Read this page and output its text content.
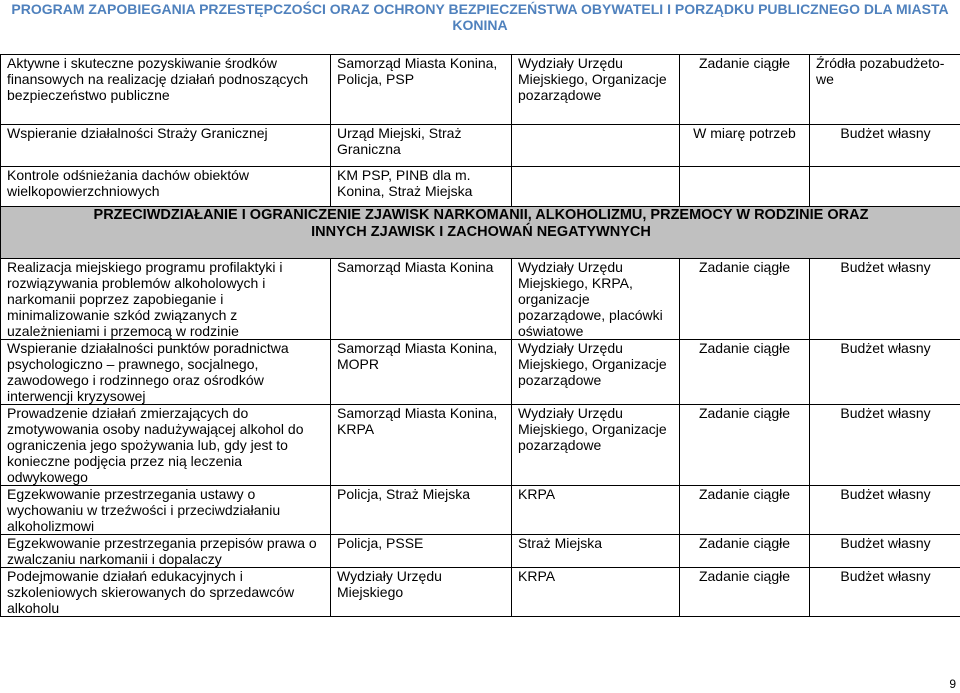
PROGRAM ZAPOBIEGANIA PRZESTĘPCZOŚCI ORAZ OCHRONY BEZPIECZEŃSTWA OBYWATELI I PORZĄDKU PUBLICZNEGO DLA MIASTA
KONINA
Aktywne i skuteczne pozyskiwanie środków finansowych na realizację działań podnoszących bezpieczeństwo publiczne	Samorząd Miasta Konina, Policja, PSP	Wydziały Urzędu Miejskiego, Organizacje pozarządowe	Zadanie ciągłe	Źródła pozabudżeto-we
Wspieranie działalności Straży Granicznej	Urząd Miejski, Straż Graniczna		W miarę potrzeb	Budżet własny
Kontrole odśnieżania dachów obiektów wielkopowierzchniowych	KM PSP, PINB dla m. Konina, Straż Miejska			

PRZECIWDZIAŁANIE I OGRANICZENIE ZJAWISK NARKOMANII, ALKOHOLIZMU, PRZEMOCY W RODZINIE ORAZ
INNYCH ZJAWISK I ZACHOWAŃ NEGATYWNYCH				

Realizacja miejskiego programu profilaktyki i rozwiązywania problemów alkoholowych i narkomanii poprzez zapobieganie i minimalizowanie szkód związanych z uzależnieniami i przemocą w rodzinie	Samorząd Miasta Konina	Wydziały Urzędu Miejskiego, KRPA, organizacje pozarządowe, placówki oświatowe	Zadanie ciągłe	Budżet własny
Wspieranie działalności punktów poradnictwa psychologiczno – prawnego, socjalnego, zawodowego i rodzinnego oraz ośrodków interwencji kryzysowej	Samorząd Miasta Konina, MOPR	Wydziały Urzędu Miejskiego, Organizacje pozarządowe	Zadanie ciągłe	Budżet własny
Prowadzenie działań zmierzających do zmotywowania osoby nadużywającej alkohol do ograniczenia jego spożywania lub, gdy jest to konieczne podjęcia przez nią leczenia odwykowego	Samorząd Miasta Konina, KRPA	Wydziały Urzędu Miejskiego, Organizacje pozarządowe	Zadanie ciągłe	Budżet własny
Egzekwowanie przestrzegania ustawy o wychowaniu w trzeźwości i przeciwdziałaniu alkoholizmowi	Policja, Straż Miejska	KRPA	Zadanie ciągłe	Budżet własny
Egzekwowanie przestrzegania przepisów prawa o zwalczaniu narkomanii i dopalaczy	Policja, PSSE	Straż Miejska	Zadanie ciągłe	Budżet własny
Podejmowanie działań edukacyjnych i szkoleniowych skierowanych do sprzedawców alkoholu	Wydziały Urzędu Miejskiego	KRPA	Zadanie ciągłe	Budżet własny
9
